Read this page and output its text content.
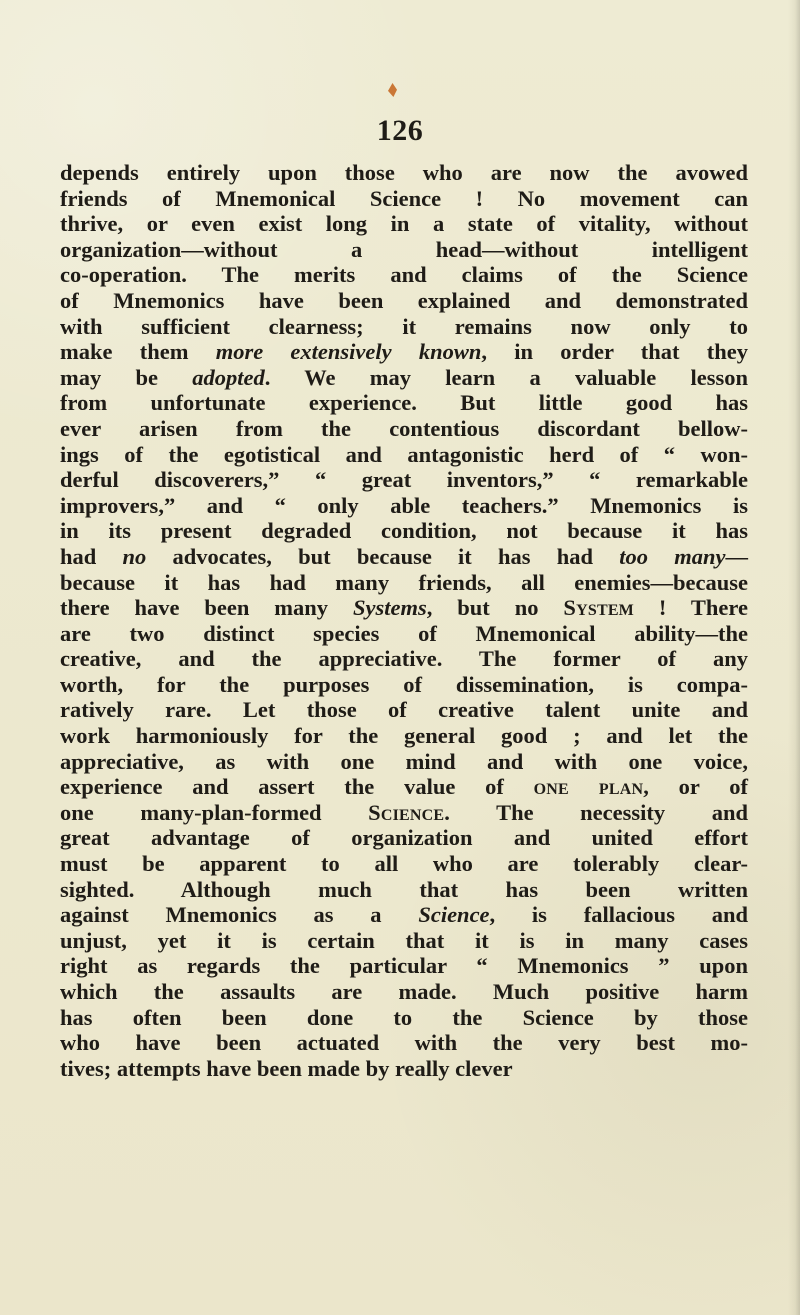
126
depends entirely upon those who are now the avowed
friends of Mnemonical Science ! No movement can
thrive, or even exist long in a state of vitality, without
organization—without a head—without intelligent
co-operation. The merits and claims of the Science
of Mnemonics have been explained and demonstrated
with sufficient clearness; it remains now only to
make them more extensively known, in order that they
may be adopted. We may learn a valuable lesson
from unfortunate experience. But little good has
ever arisen from the contentious discordant bellow-
ings of the egotistical and antagonistic herd of “ won-
derful discoverers,” “ great inventors,” “ remarkable
improvers,” and “ only able teachers.” Mnemonics is
in its present degraded condition, not because it has
had no advocates, but because it has had too many—
because it has had many friends, all enemies—because
there have been many Systems, but no System ! There
are two distinct species of Mnemonical ability—the
creative, and the appreciative. The former of any
worth, for the purposes of dissemination, is compa-
ratively rare. Let those of creative talent unite and
work harmoniously for the general good ; and let the
appreciative, as with one mind and with one voice,
experience and assert the value of one plan, or of
one many-plan-formed Science. The necessity and
great advantage of organization and united effort
must be apparent to all who are tolerably clear-
sighted. Although much that has been written
against Mnemonics as a Science, is fallacious and
unjust, yet it is certain that it is in many cases
right as regards the particular “ Mnemonics ” upon
which the assaults are made. Much positive harm
has often been done to the Science by those
who have been actuated with the very best mo-
tives; attempts have been made by really clever
